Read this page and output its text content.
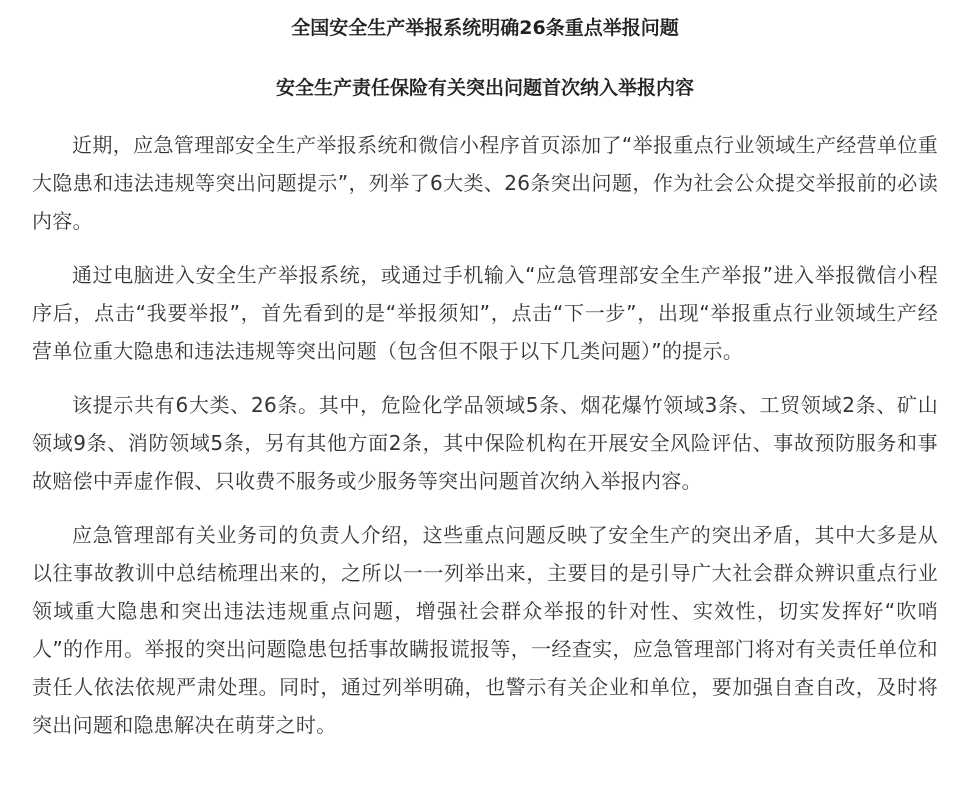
全国安全生产举报系统明确26条重点举报问题
安全生产责任保险有关突出问题首次纳入举报内容

近期，应急管理部安全生产举报系统和微信小程序首页添加了“举报重点行业领域生产经营单位重大隐患和违法违规等突出问题提示”，列举了6大类、26条突出问题，作为社会公众提交举报前的必读内容。

通过电脑进入安全生产举报系统，或通过手机输入“应急管理部安全生产举报”进入举报微信小程序后，点击“我要举报”，首先看到的是“举报须知”，点击“下一步”，出现“举报重点行业领域生产经营单位重大隐患和违法违规等突出问题（包含但不限于以下几类问题）”的提示。

该提示共有6大类、26条。其中，危险化学品领域5条、烟花爆竹领域3条、工贸领域2条、矿山领域9条、消防领域5条，另有其他方面2条，其中保险机构在开展安全风险评估、事故预防服务和事故赔偿中弄虚作假、只收费不服务或少服务等突出问题首次纳入举报内容。

应急管理部有关业务司的负责人介绍，这些重点问题反映了安全生产的突出矛盾，其中大多是从以往事故教训中总结梳理出来的，之所以一一列举出来，主要目的是引导广大社会群众辨识重点行业领域重大隐患和突出违法违规重点问题，增强社会群众举报的针对性、实效性，切实发挥好“吹哨人”的作用。举报的突出问题隐患包括事故瞒报谎报等，一经查实，应急管理部门将对有关责任单位和责任人依法依规严肃处理。同时，通过列举明确，也警示有关企业和单位，要加强自查自改，及时将突出问题和隐患解决在萌芽之时。
